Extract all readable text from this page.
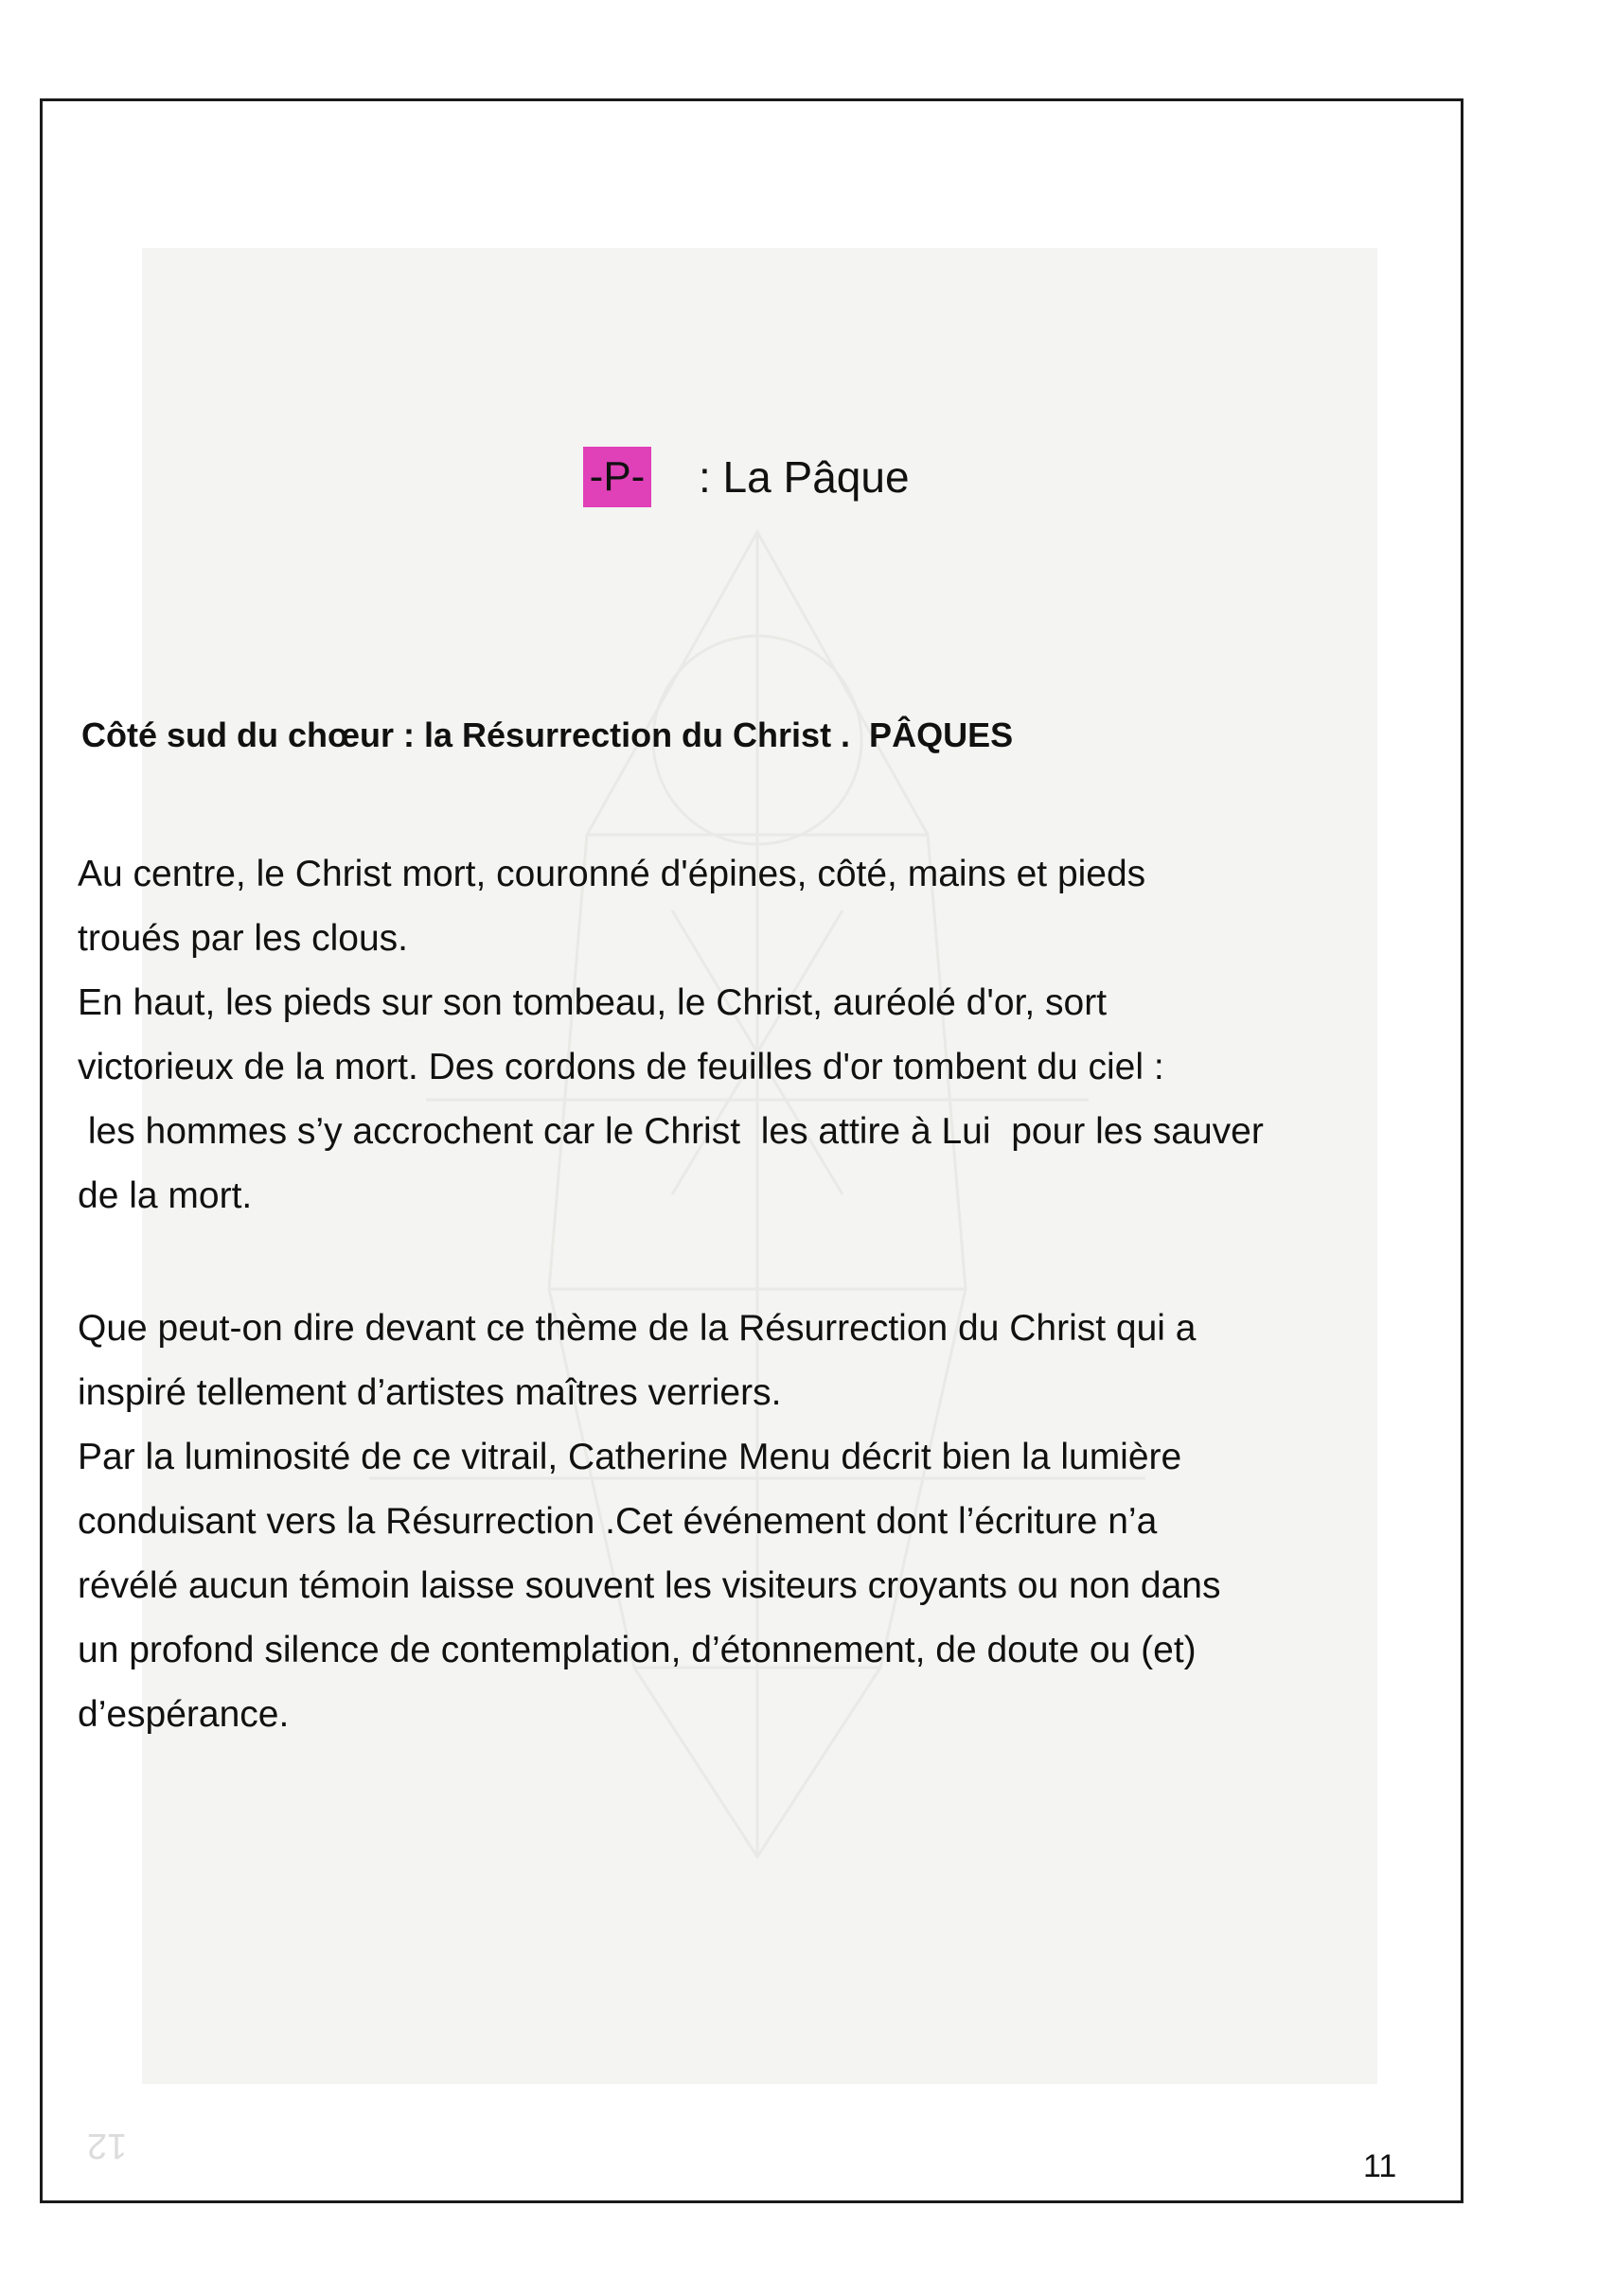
-P- : La Pâque
Côté sud du chœur : la Résurrection du Christ .  PÂQUES
Au centre, le Christ mort, couronné d'épines, côté, mains et pieds
troués par les clous.
En haut, les pieds sur son tombeau, le Christ, auréolé d'or, sort
victorieux de la mort. Des cordons de feuilles d'or tombent du ciel :
les hommes s’y accrochent car le Christ  les attire à Lui  pour les sauver
de la mort.
Que peut-on dire devant ce thème de la Résurrection du Christ qui a
inspiré tellement d’artistes maîtres verriers.
Par la luminosité de ce vitrail, Catherine Menu décrit bien la lumière
conduisant vers la Résurrection .Cet événement dont l’écriture n’a
révélé aucun témoin laisse souvent les visiteurs croyants ou non dans
un profond silence de contemplation, d’étonnement, de doute ou (et)
d’espérance.
12
11
